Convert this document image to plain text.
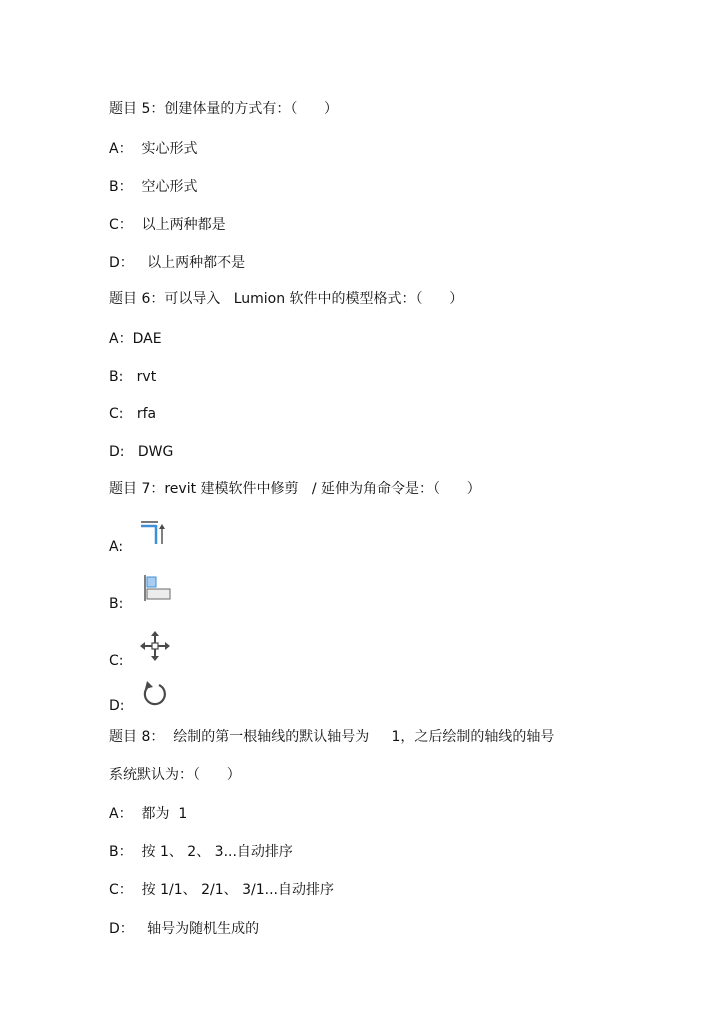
题目 5：创建体量的方式有：（      ）
A：  实心形式
B：  空心形式
C：  以上两种都是
D：   以上两种都不是
题目 6：可以导入   Lumion 软件中的模型格式：（      ）
A：DAE
B:   rvt
C:   rfa
D:   DWG
题目 7：revit 建模软件中修剪   / 延伸为角命令是：（      ）
A:
B:
C:
D:
题目 8：  绘制的第一根轴线的默认轴号为     1，之后绘制的轴线的轴号
系统默认为：（      ）
A：  都为  1
B：  按 1、 2、 3...自动排序
C：  按 1/1、 2/1、 3/1...自动排序
D：   轴号为随机生成的
